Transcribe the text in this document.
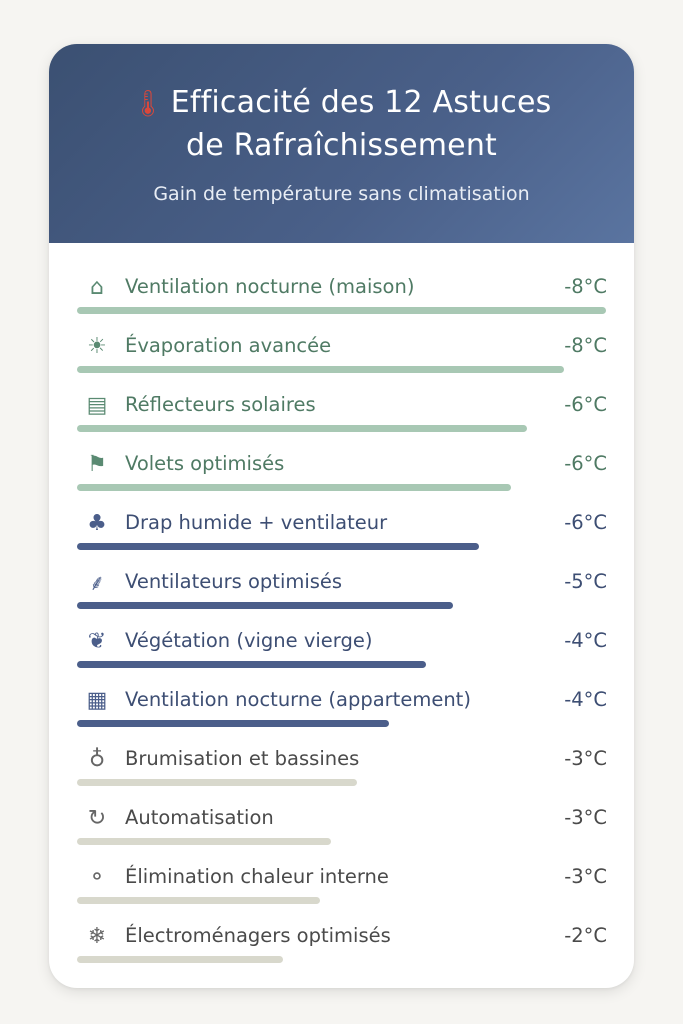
🌡 Efficacité des 12 Astuces
de Rafraîchissement
Gain de température sans climatisation
⌂	Ventilation nocturne (maison)	-8°C
☀ Évaporation avancée	-8°C
▤ Réflecteurs solaires	-6°C
⚑ Volets optimisés	-6°C
♣ Drap humide + ventilateur	-6°C
⸙	Ventilateurs optimisés	-5°C
❦ Végétation (vigne vierge)	-4°C
▦ Ventilation nocturne (appartement)	-4°C
♁	Brumisation et bassines	-3°C
↻ Automatisation	-3°C
⚬ Élimination chaleur interne	-3°C
❄ Électroménagers optimisés	-2°C
